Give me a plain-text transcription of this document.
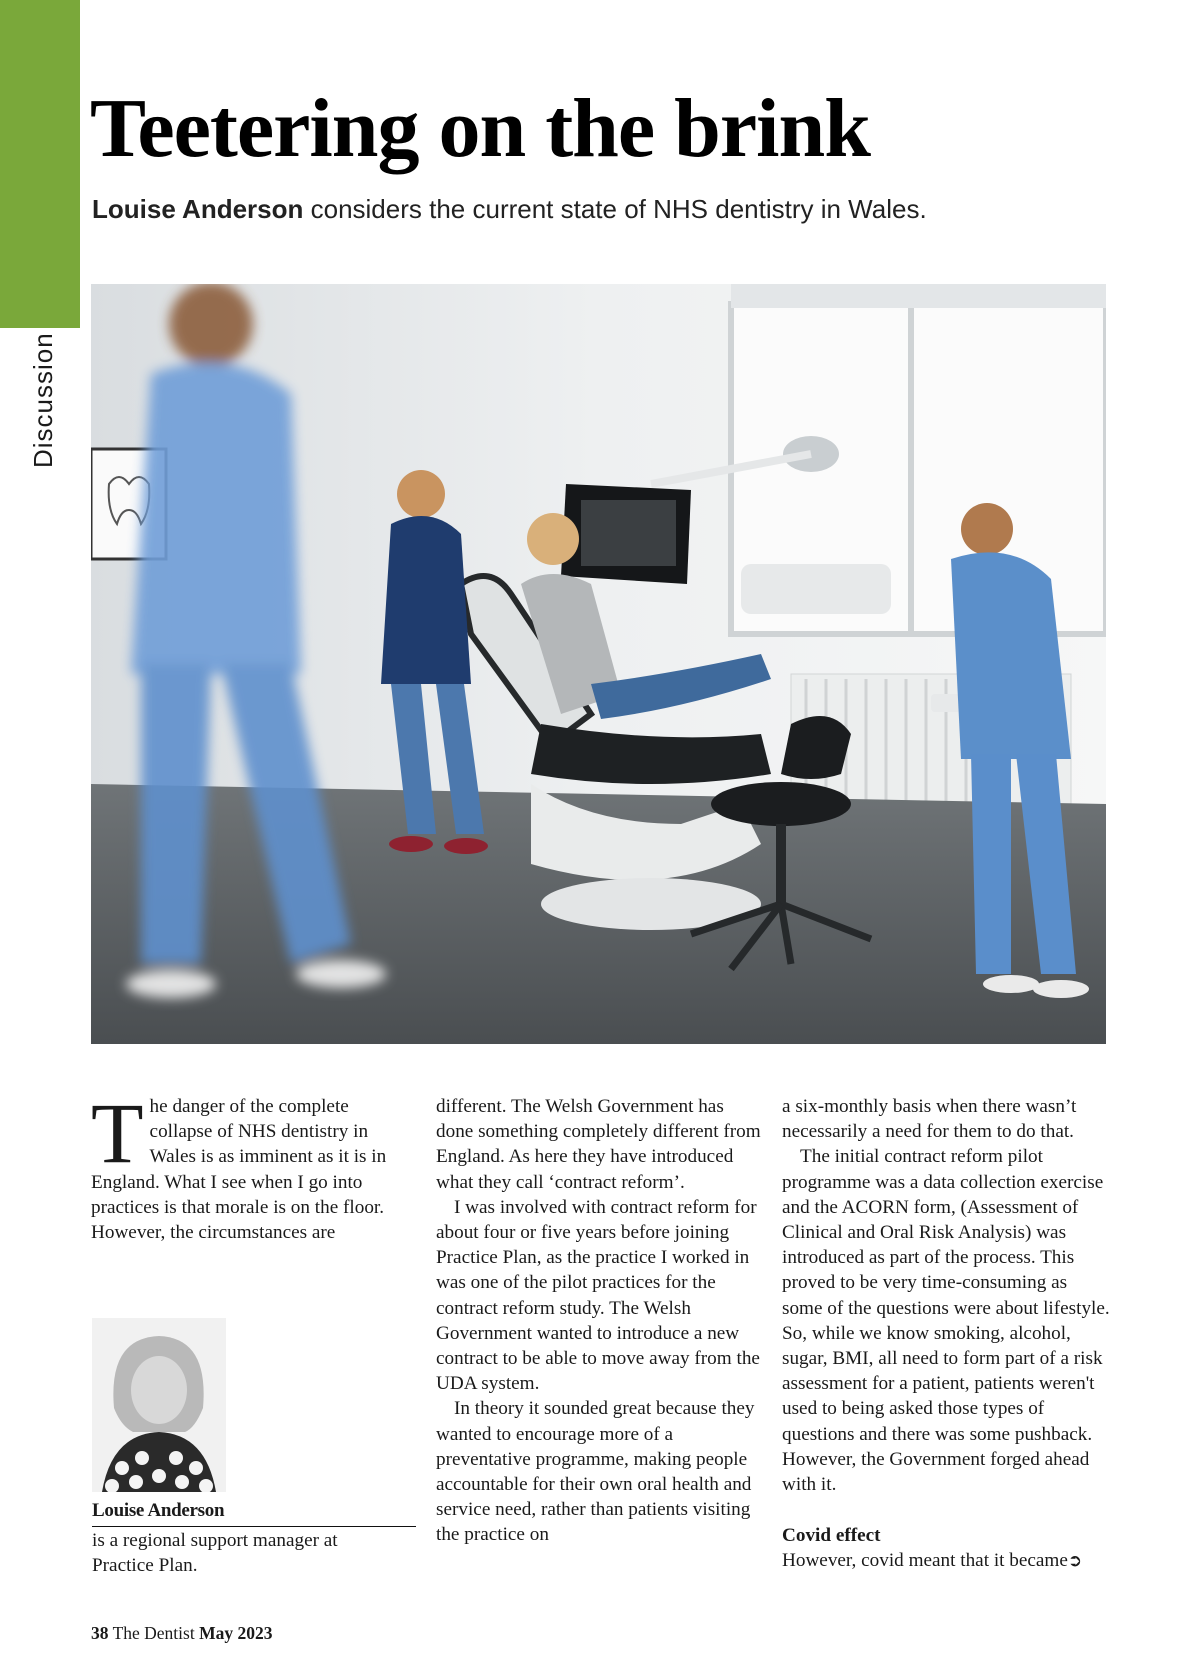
Discussion
Teetering on the brink

Louise Anderson considers the current state of NHS dentistry in Wales.

The danger of the complete collapse of NHS dentistry in Wales is as imminent as it is in England. What I see when I go into practices is that morale is on the floor. However, the circumstances are

different. The Welsh Government has done something completely different from England. As here they have introduced what they call ‘contract reform’.

I was involved with contract reform for about four or five years before joining Practice Plan, as the practice I worked in was one of the pilot practices for the contract reform study. The Welsh Government wanted to introduce a new contract to be able to move away from the UDA system.

In theory it sounded great because they wanted to encourage more of a preventative programme, making people accountable for their own oral health and service need, rather than patients visiting the practice on

a six-monthly basis when there wasn’t necessarily a need for them to do that.

The initial contract reform pilot programme was a data collection exercise and the ACORN form, (Assessment of Clinical and Oral Risk Analysis) was introduced as part of the process. This proved to be very time-consuming as some of the questions were about lifestyle. So, while we know smoking, alcohol, sugar, BMI, all need to form part of a risk assessment for a patient, patients weren't used to being asked those types of questions and there was some pushback. However, the Government forged ahead with it.

Covid effect

However, covid meant that it became➲

Louise Anderson
is a regional support manager at Practice Plan.
38 The Dentist May 2023
